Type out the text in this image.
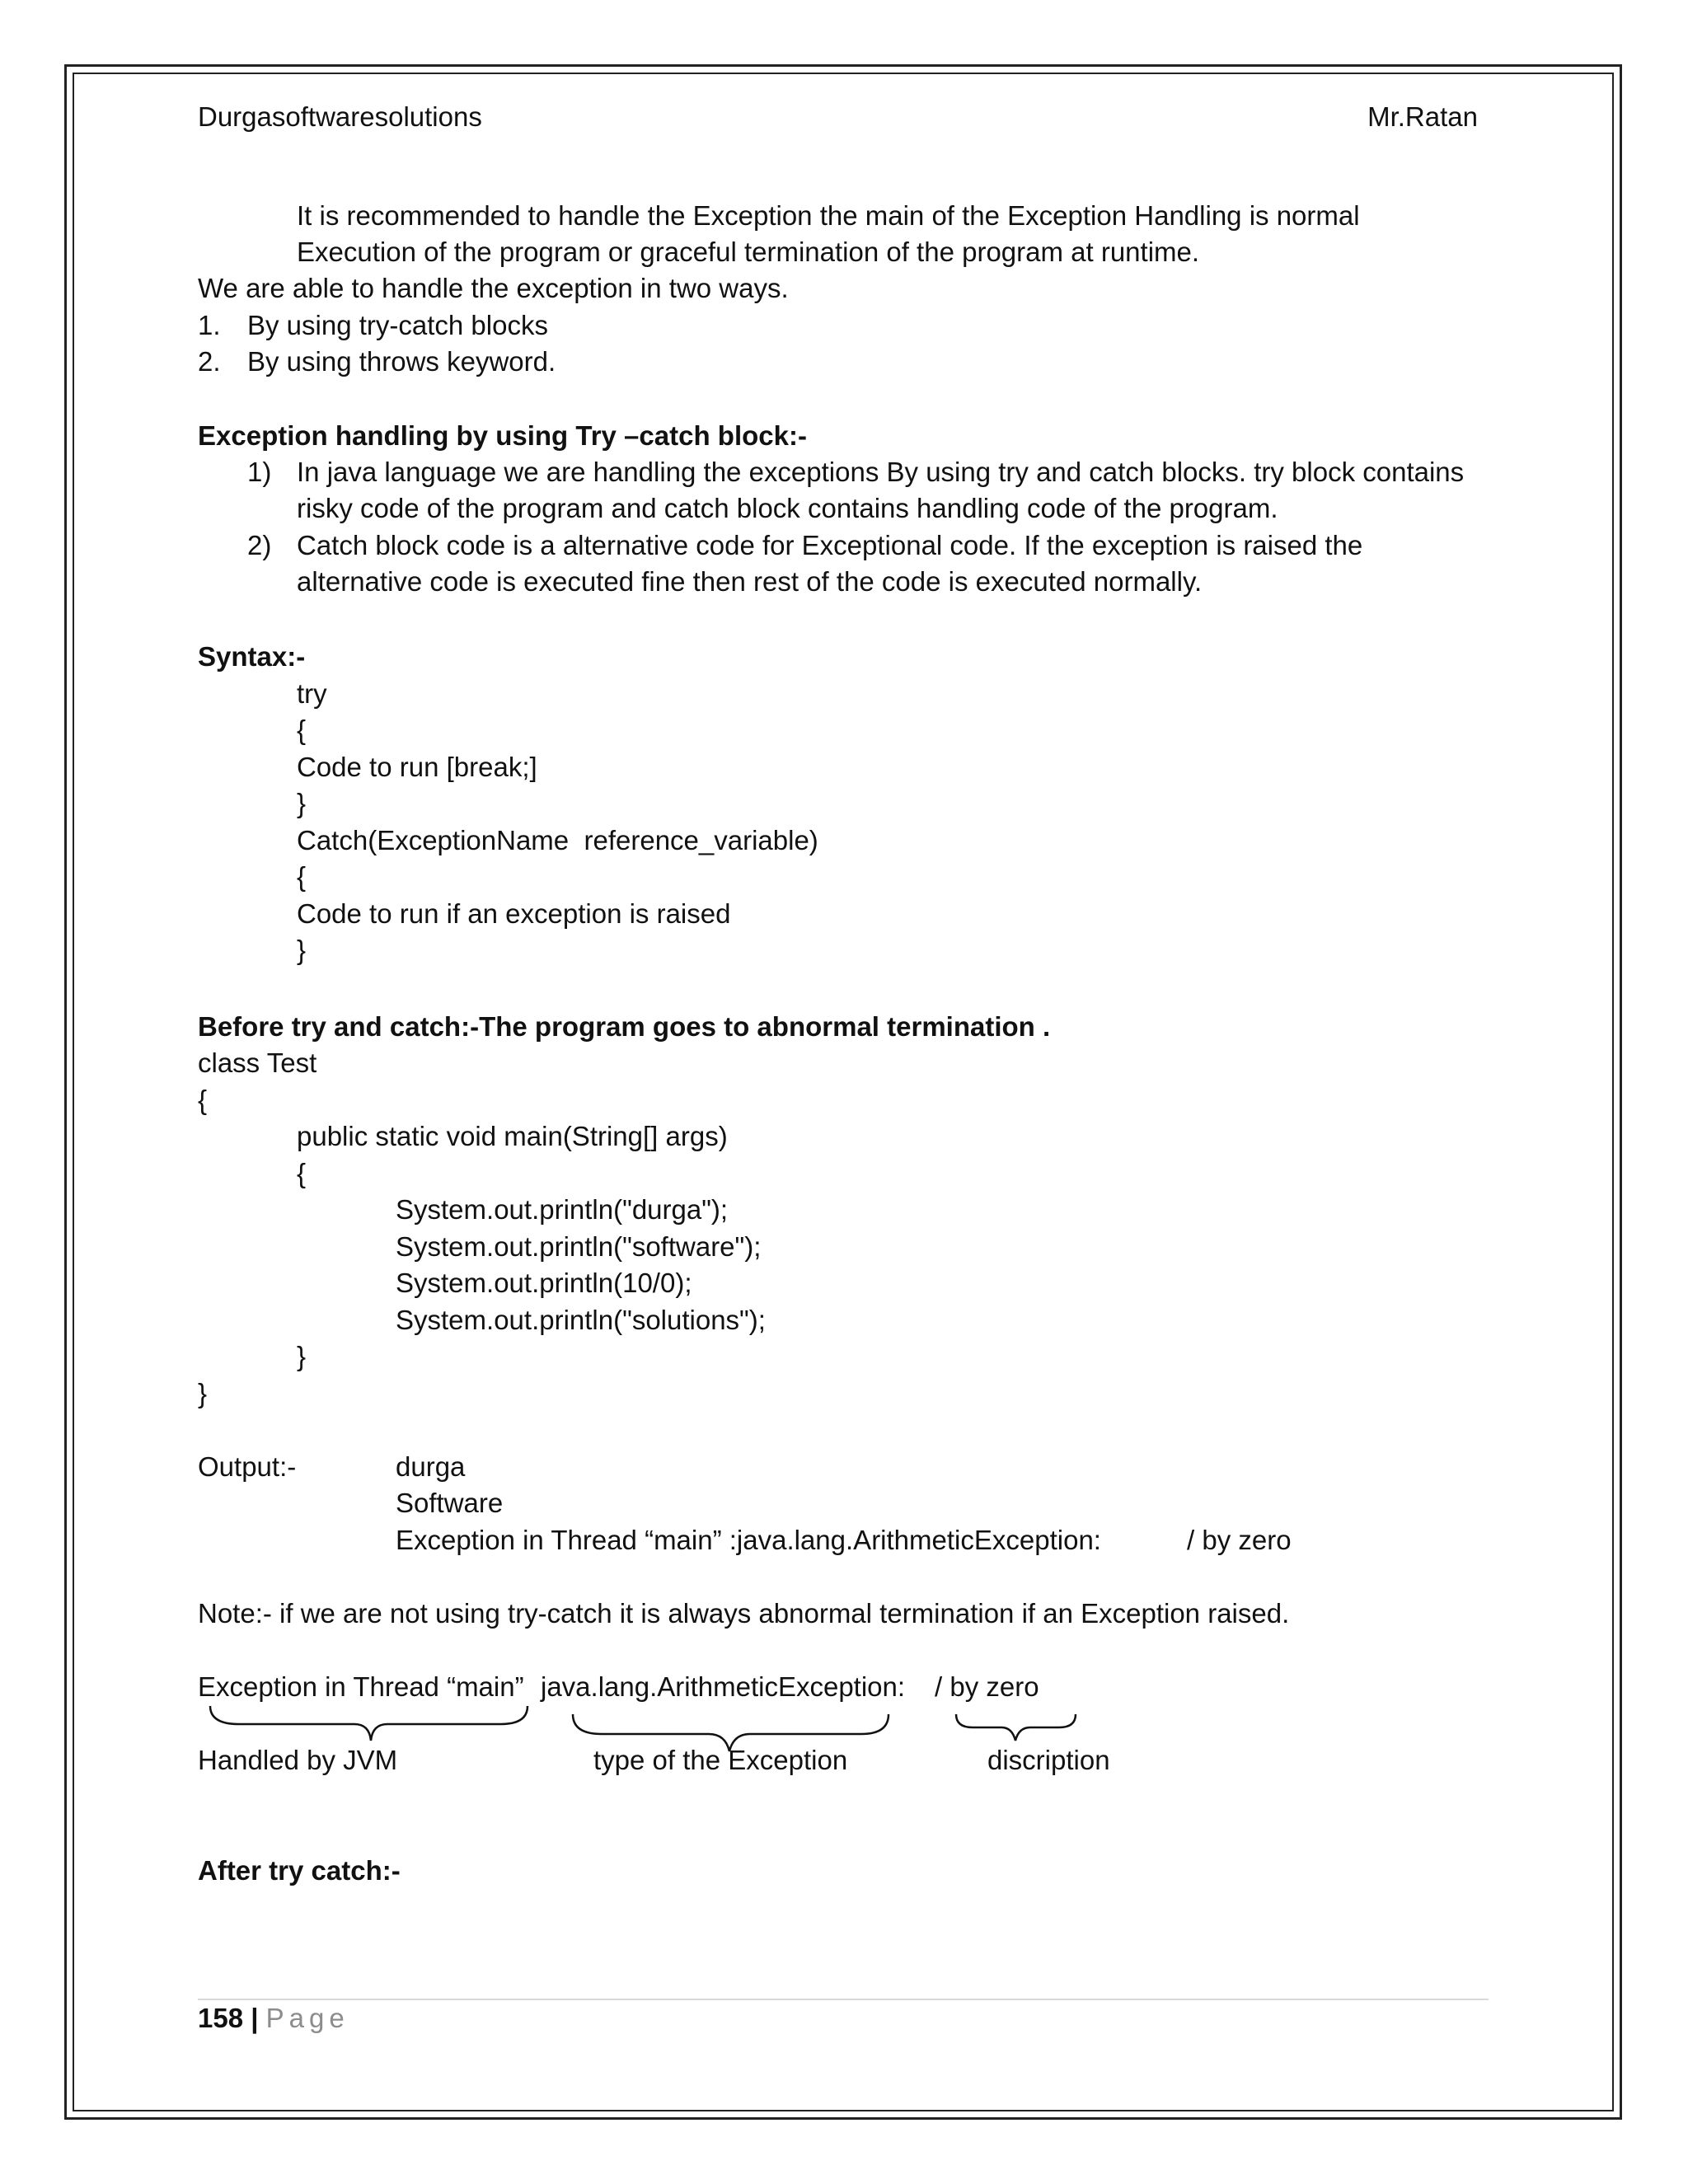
Durgasoftwaresolutions	Mr.Ratan
It is recommended to handle the Exception the main of the Exception Handling is normal
Execution of the program or graceful termination of the program at runtime.
We are able to handle the exception in two ways.
1. By using try-catch blocks
2. By using throws keyword.
Exception handling by using Try –catch block:-
1) In java language we are handling the exceptions By using try and catch blocks. try block contains
risky code of the program and catch block contains handling code of the program.
2) Catch block code is a alternative code for Exceptional code. If the exception is raised the
alternative code is executed fine then rest of the code is executed normally.
Syntax:-
try
{
Code to run [break;]
}
Catch(ExceptionName  reference_variable)
{
Code to run if an exception is raised
}
Before try and catch:-The program goes to abnormal termination .
class Test
{
public static void main(String[] args)
{
System.out.println("durga");
System.out.println("software");
System.out.println(10/0);
System.out.println("solutions");
}
}
Output:-	durga
Software
Exception in Thread “main” :java.lang.ArithmeticException:	/ by zero
Note:- if we are not using try-catch it is always abnormal termination if an Exception raised.
Exception in Thread “main” java.lang.ArithmeticException: / by zero
Handled by JVM	type of the Exception	discription
After try catch:-
158 | Page
